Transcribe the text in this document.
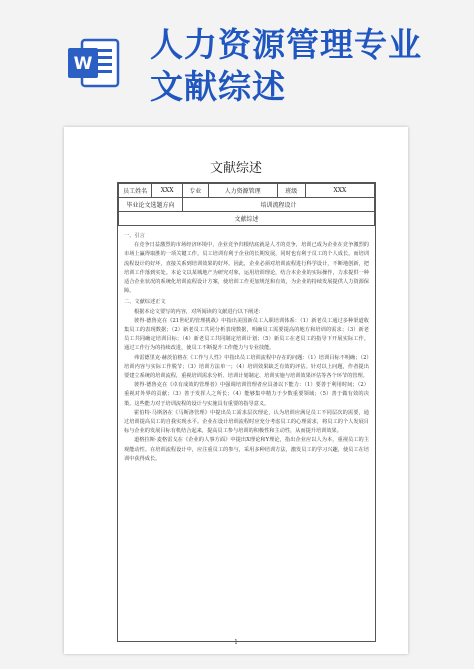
W 人力资源管理专业
文献综述
文献综述
员工姓名	XXX	专业	人力资源管理	班级	XXX
毕业论文选题方向		培训流程设计			
文献综述					

一、引言

在竞争日益激烈的市场经济环境中，企业竞争归根结底就是人才的竞争，培训已成为企业在竞争激烈的市场上赢得取胜的一项关键工作。员工培训有利于企业的长期发展，同时也有利于员工的个人成长。而培训流程设计的好坏，直接关系到培训效果的好坏。因此，企业必须对培训流程进行科学设计，不断地创新，把培训工作落到实处。本论文以某城地产为研究对象，运用培训理论，结合本企业的实际操作，力求提供一种适合企业状况的系统化培训流程设计方案，使培训工作更加规范和有效，为企业的持续发展提供人力资源保障。

二、文献综述正文

根据本论文要写的内容，对所阅读的文献进行以下阐述：

彼得·德鲁克在《21世纪的管理挑战》中指出美国新员工入职培训体系：（1）新老员工通过多种渠道收集员工的表现数据；（2）新老员工共同分析表现数据，明确员工需要提高的地方和培训的需求；（3）新老员工共同确定培训目标；（4）新老员工共同制定培训计划；（5）新员工在老员工的指导下开展实际工作。通过工作行为的持续改进，使员工不断提升工作能力与专业技能。

弗雷德里克·赫茨伯格在《工作与人性》中指出员工培训流程中存在的问题：（1）培训目标不明确；（2）培训内容与实际工作脱节；（3）培训方法单一；（4）培训效果缺乏有效的评估。针对以上问题，作者提出要建立系统的培训流程，重视培训需求分析、培训计划制定、培训实施与培训效果评估等各个环节的管理。

彼得·德鲁克在《卓有成效的管理者》中强调培训管理者应具备以下能力：（1）要善于利用时间；（2）重视对外界的贡献；（3）善于发挥人之所长；（4）能够集中精力于少数重要领域；（5）善于做有效的决策。这些能力对于培训流程的设计与实施具有重要的指导意义。

霍伯特·马斯洛在《马斯洛管理》中提出员工需求层次理论，认为培训应满足员工不同层次的需要，通过培训提高员工的自我实现水平。企业在设计培训流程时应充分考虑员工的心理需求，将员工的个人发展目标与企业的发展目标有机结合起来，提高员工参与培训的积极性和主动性，从而提升培训效果。

道格拉斯·麦格雷戈在《企业的人事方面》中提出X理论和Y理论，指出企业应以人为本，重视员工的主观能动性。在培训流程设计中，应注重员工的参与，采用多种培训方法，激发员工的学习兴趣，使员工在培训中获得成长。

1
